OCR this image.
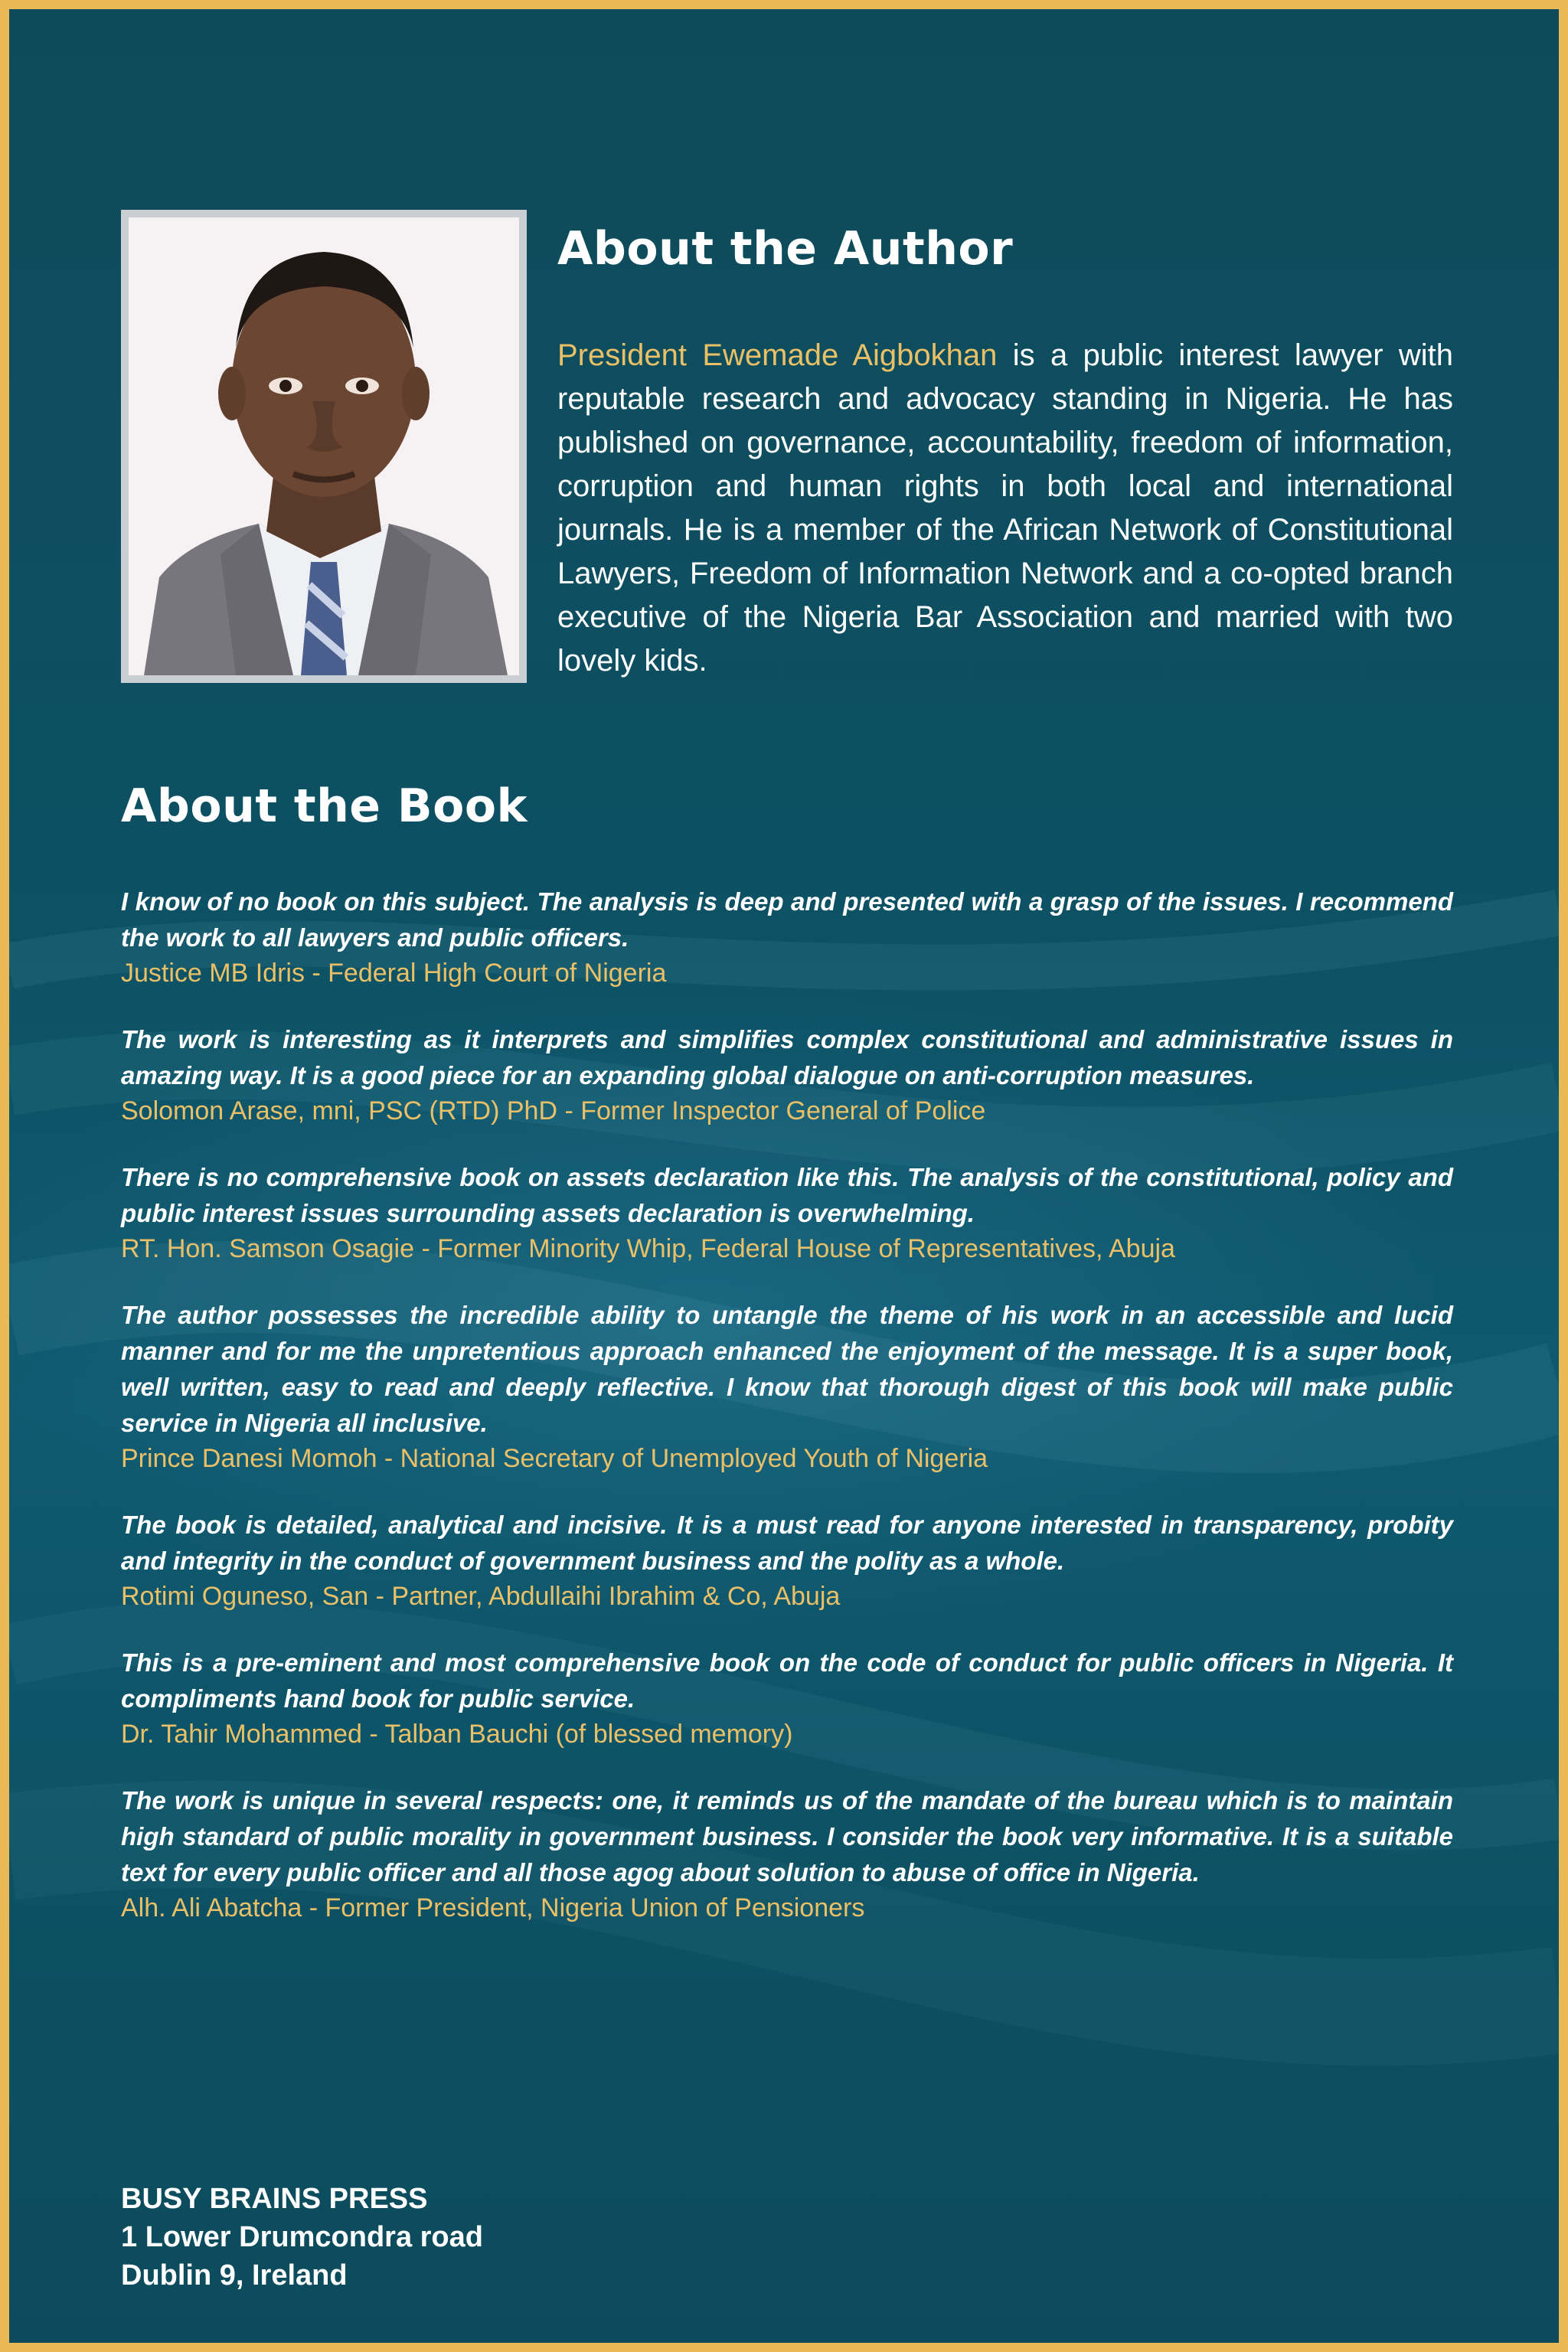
About the Author

President Ewemade Aigbokhan is a public interest lawyer with reputable research and advocacy standing in Nigeria. He has published on governance, accountability, freedom of information, corruption and human rights in both local and international journals. He is a member of the African Network of Constitutional Lawyers, Freedom of Information Network and a co-opted branch executive of the Nigeria Bar Association and married with two lovely kids.

About the Book

I know of no book on this subject. The analysis is deep and presented with a grasp of the issues. I recommend the work to all lawyers and public officers.

Justice MB Idris - Federal High Court of Nigeria

The work is interesting as it interprets and simplifies complex constitutional and administrative issues in amazing way. It is a good piece for an expanding global dialogue on anti-corruption measures.

Solomon Arase, mni, PSC (RTD) PhD - Former Inspector General of Police

There is no comprehensive book on assets declaration like this. The analysis of the constitutional, policy and public interest issues surrounding assets declaration is overwhelming.

RT. Hon. Samson Osagie - Former Minority Whip, Federal House of Representatives, Abuja

The author possesses the incredible ability to untangle the theme of his work in an accessible and lucid manner and for me the unpretentious approach enhanced the enjoyment of the message. It is a super book, well written, easy to read and deeply reflective. I know that thorough digest of this book will make public service in Nigeria all inclusive.

Prince Danesi Momoh - National Secretary of Unemployed Youth of Nigeria

The book is detailed, analytical and incisive. It is a must read for anyone interested in transparency, probity and integrity in the conduct of government business and the polity as a whole.

Rotimi Oguneso, San - Partner, Abdullaihi Ibrahim & Co, Abuja

This is a pre-eminent and most comprehensive book on the code of conduct for public officers in Nigeria. It compliments hand book for public service.

Dr. Tahir Mohammed - Talban Bauchi (of blessed memory)

The work is unique in several respects: one, it reminds us of the mandate of the bureau which is to maintain high standard of public morality in government business. I consider the book very informative. It is a suitable text for every public officer and all those agog about solution to abuse of office in Nigeria.

Alh. Ali Abatcha - Former President, Nigeria Union of Pensioners

BUSY BRAINS PRESS
1 Lower Drumcondra road
Dublin 9, Ireland
